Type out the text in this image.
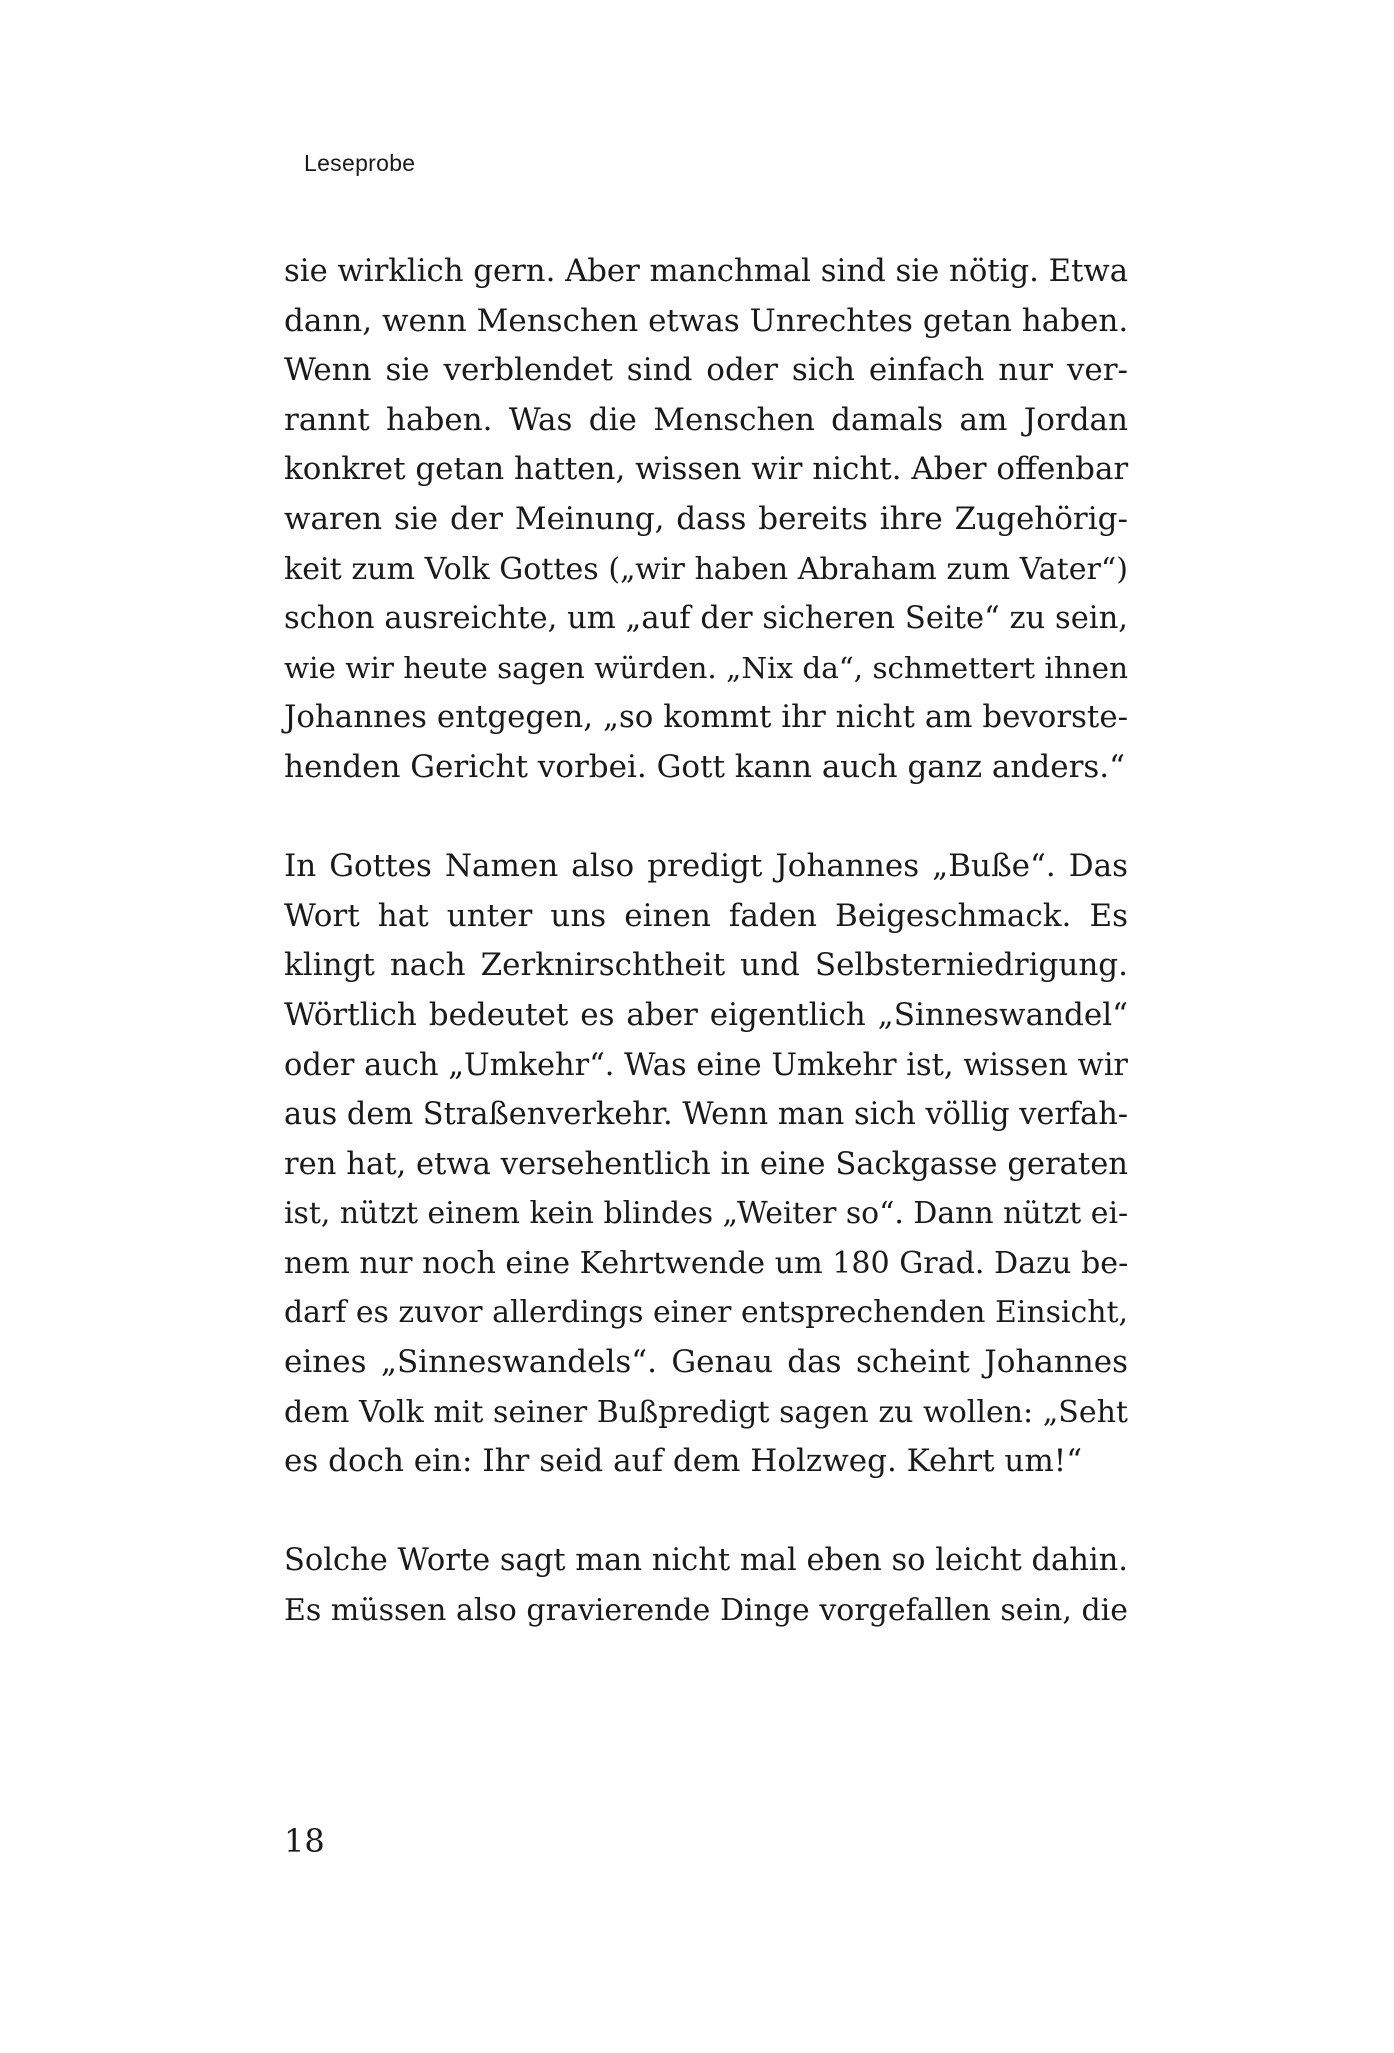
Leseprobe

sie wirklich gern. Aber manchmal sind sie nötig. Etwa
dann, wenn Menschen etwas Unrechtes getan haben.
Wenn sie verblendet sind oder sich einfach nur ver-
rannt haben. Was die Menschen damals am Jordan
konkret getan hatten, wissen wir nicht. Aber offenbar
waren sie der Meinung, dass bereits ihre Zugehörig-
keit zum Volk Gottes („wir haben Abraham zum Vater“)
schon ausreichte, um „auf der sicheren Seite“ zu sein,
wie wir heute sagen würden. „Nix da“, schmettert ihnen
Johannes entgegen, „so kommt ihr nicht am bevorste-
henden Gericht vorbei. Gott kann auch ganz anders.“

In Gottes Namen also predigt Johannes „Buße“. Das
Wort hat unter uns einen faden Beigeschmack. Es
klingt nach Zerknirschtheit und Selbsterniedrigung.
Wörtlich bedeutet es aber eigentlich „Sinneswandel“
oder auch „Umkehr“. Was eine Umkehr ist, wissen wir
aus dem Straßenverkehr. Wenn man sich völlig verfah-
ren hat, etwa versehentlich in eine Sackgasse geraten
ist, nützt einem kein blindes „Weiter so“. Dann nützt ei-
nem nur noch eine Kehrtwende um 180 Grad. Dazu be-
darf es zuvor allerdings einer entsprechenden Einsicht,
eines „Sinneswandels“. Genau das scheint Johannes
dem Volk mit seiner Bußpredigt sagen zu wollen: „Seht
es doch ein: Ihr seid auf dem Holzweg. Kehrt um!“

Solche Worte sagt man nicht mal eben so leicht dahin.
Es müssen also gravierende Dinge vorgefallen sein, die

18
